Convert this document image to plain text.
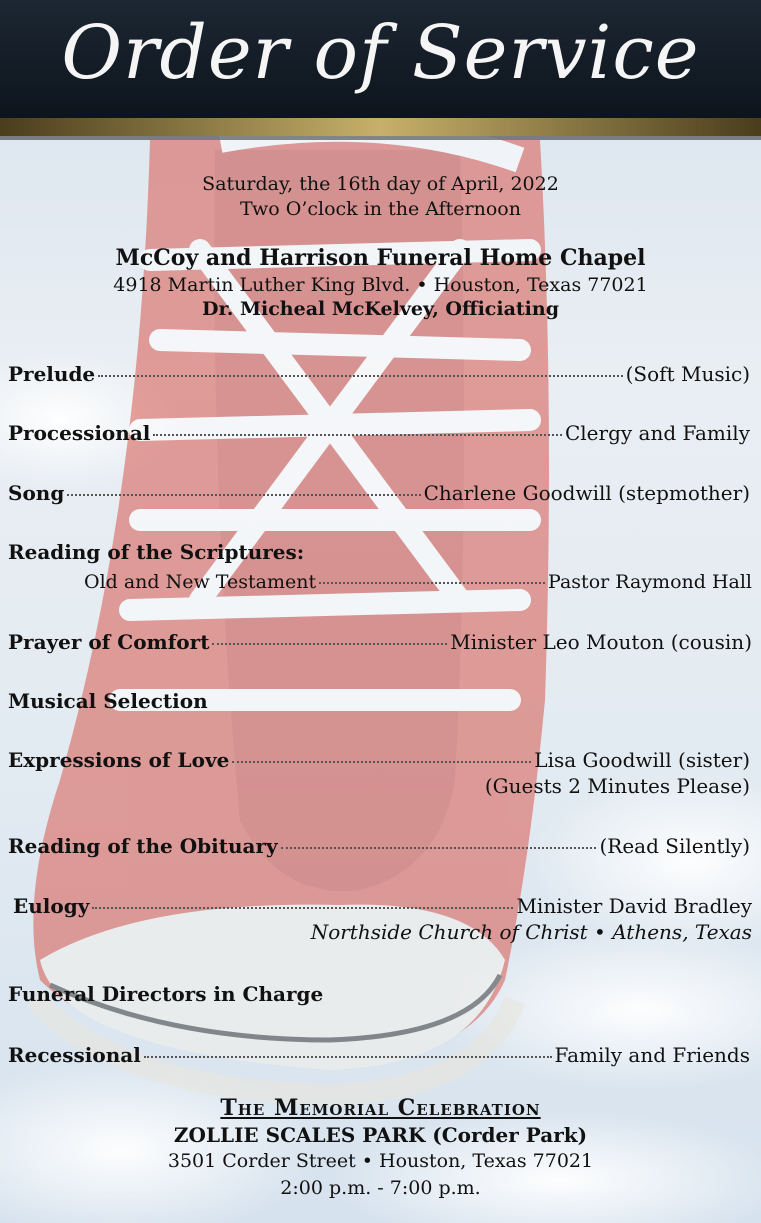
Order of Service
Saturday, the 16th day of April, 2022
Two O’clock in the Afternoon
McCoy and Harrison Funeral Home Chapel
4918 Martin Luther King Blvd. • Houston, Texas 77021
Dr. Micheal McKelvey, Officiating
Prelude	(Soft Music)
Processional	Clergy and Family
Song	Charlene Goodwill (stepmother)
Reading of the Scriptures:
Old and New Testament	Pastor Raymond Hall
Prayer of Comfort	Minister Leo Mouton (cousin)
Musical Selection
Expressions of Love	Lisa Goodwill (sister)
(Guests 2 Minutes Please)
Reading of the Obituary	(Read Silently)
Eulogy	Minister David Bradley
Northside Church of Christ • Athens, Texas
Funeral Directors in Charge
Recessional	Family and Friends
The Memorial Celebration
ZOLLIE SCALES PARK (Corder Park)
3501 Corder Street • Houston, Texas 77021
2:00 p.m. - 7:00 p.m.
